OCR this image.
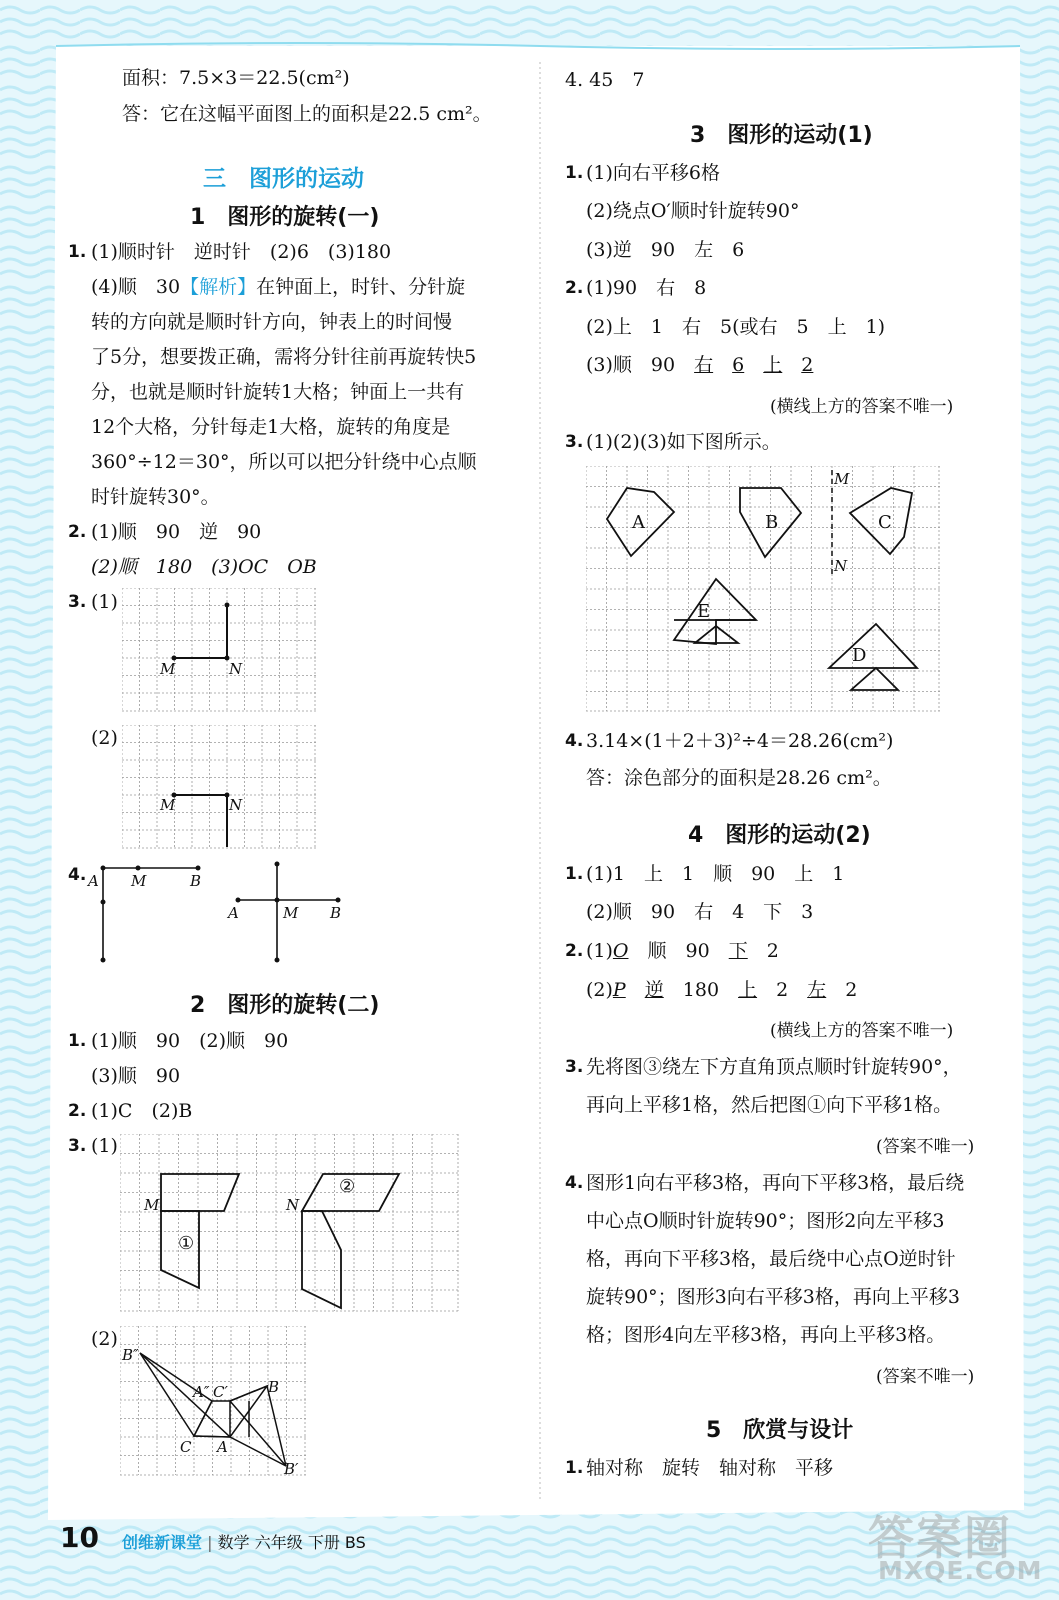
面积：7.5×3＝22.5(cm²)
答：它在这幅平面图上的面积是22.5 cm²。
三　图形的运动
1　图形的旋转(一)
1. (1)顺时针　逆时针　(2)6　(3)180
(4)顺　30【解析】在钟面上，时针、分针旋
转的方向就是顺时针方向，钟表上的时间慢
了5分，想要拨正确，需将分针往前再旋转快5
分，也就是顺时针旋转1大格；钟面上一共有
12个大格，分针每走1大格，旋转的角度是
360°÷12＝30°，所以可以把分针绕中心点顺
时针旋转30°。
2. (1)顺　90　逆　90
(2)顺　180　(3)OC　OB
3. (1)
M	N
(2)
M	N
4. A M	B
A	M B
2　图形的旋转(二)
1. (1)顺　90　(2)顺　90
(3)顺　90
2. (1)C　(2)B
3. (1)
M	N
①
②
(2)
B″
A″ C′	B
C A
B′
4. 45　7
3　图形的运动(1)
1. (1)向右平移6格
(2)绕点O′顺时针旋转90°
(3)逆　90　左　6
2. (1)90　右　8
(2)上　1　右　5(或右　5　上　1)
(3)顺　90　 右　 6　 上　 2
(横线上方的答案不唯一)
3. (1)(2)(3)如下图所示。
A	B	C
E
D
M
N
4. 3.14×(1＋2＋3)²÷4＝28.26(cm²)
答：涂色部分的面积是28.26 cm²。
4　图形的运动(2)
1. (1)1　上　1　顺　90　上　1
(2)顺　90　右　4　下　3
2. (1)O　 顺　90　 下　 2
(2)P　 逆　 180　 上　 2　 左　 2
(横线上方的答案不唯一)
3. 先将图③绕左下方直角顶点顺时针旋转90°，
再向上平移1格，然后把图①向下平移1格。
(答案不唯一)
4. 图形1向右平移3格，再向下平移3格，最后绕
中心点O顺时针旋转90°；图形2向左平移3
格，再向下平移3格，最后绕中心点O逆时针
旋转90°；图形3向右平移3格，再向上平移3
格；图形4向左平移3格，再向上平移3格。
(答案不唯一)
5　欣赏与设计
1. 轴对称　旋转　轴对称　平移
10 创维新课堂 | 数学 六年级 下册 BS	答案圈
MXQE.COM
